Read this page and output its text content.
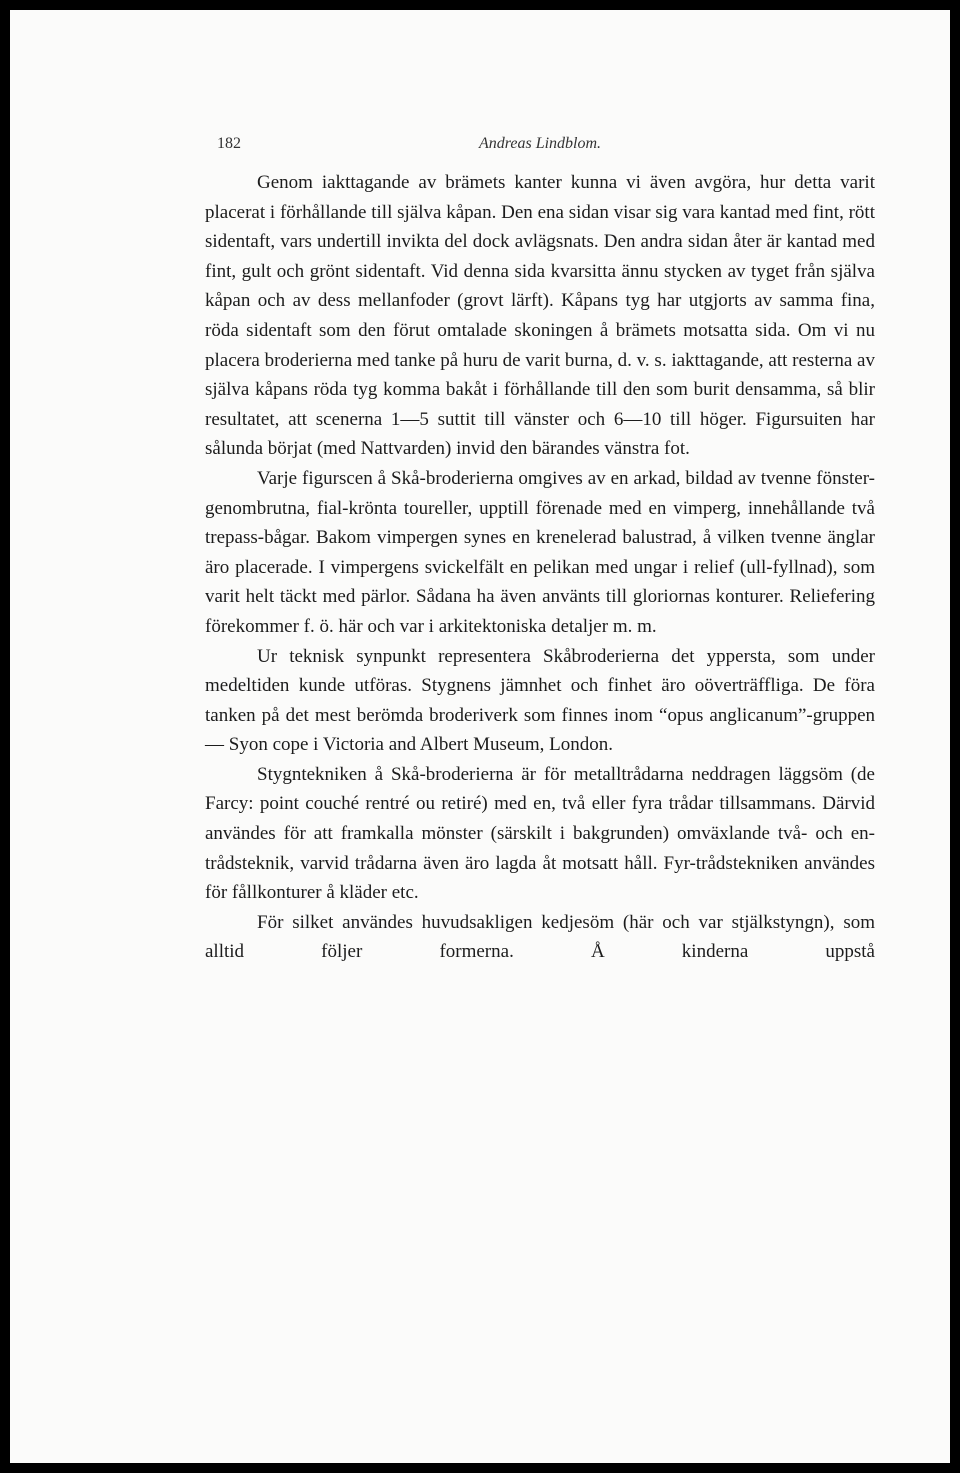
182	Andreas Lindblom.

Genom iakttagande av brämets kanter kunna vi även avgöra, hur detta varit placerat i förhållande till själva kåpan. Den ena sidan visar sig vara kantad med fint, rött sidentaft, vars undertill invikta del dock avlägsnats. Den andra sidan åter är kantad med fint, gult och grönt sidentaft. Vid denna sida kvarsitta ännu stycken av tyget från själva kåpan och av dess mellanfoder (grovt lärft). Kåpans tyg har utgjorts av samma fina, röda sidentaft som den förut omtalade skoningen å brämets motsatta sida. Om vi nu placera broderierna med tanke på huru de varit burna, d. v. s. iakttagande, att resterna av själva kåpans röda tyg komma bakåt i förhållande till den som burit densamma, så blir resultatet, att scenerna 1—5 suttit till vänster och 6—10 till höger. Figursuiten har sålunda börjat (med Nattvarden) invid den bärandes vänstra fot.

Varje figurscen å Skå-broderierna omgives av en arkad, bildad av tvenne fönster-genombrutna, fial-krönta toureller, upptill förenade med en vimperg, innehållande två trepass-bågar. Bakom vimpergen synes en krenelerad balustrad, å vilken tvenne änglar äro placerade. I vimpergens svickelfält en pelikan med ungar i relief (ull-fyllnad), som varit helt täckt med pärlor. Sådana ha även använts till gloriornas konturer. Reliefering förekommer f. ö. här och var i arkitektoniska detaljer m. m.

Ur teknisk synpunkt representera Skåbroderierna det yppersta, som under medeltiden kunde utföras. Stygnens jämnhet och finhet äro oöverträffliga. De föra tanken på det mest berömda broderiverk som finnes inom “opus anglicanum”-gruppen — Syon cope i Victoria and Albert Museum, London.

Stygntekniken å Skå-broderierna är för metalltrådarna neddragen läggsöm (de Farcy: point couché rentré ou retiré) med en, två eller fyra trådar tillsammans. Därvid användes för att framkalla mönster (särskilt i bakgrunden) omväxlande två- och en-trådsteknik, varvid trådarna även äro lagda åt motsatt håll. Fyr-trådstekniken användes för fållkonturer å kläder etc.

För silket användes huvudsakligen kedjesöm (här och var stjälkstyngn), som alltid följer formerna. Å kinderna uppstå
